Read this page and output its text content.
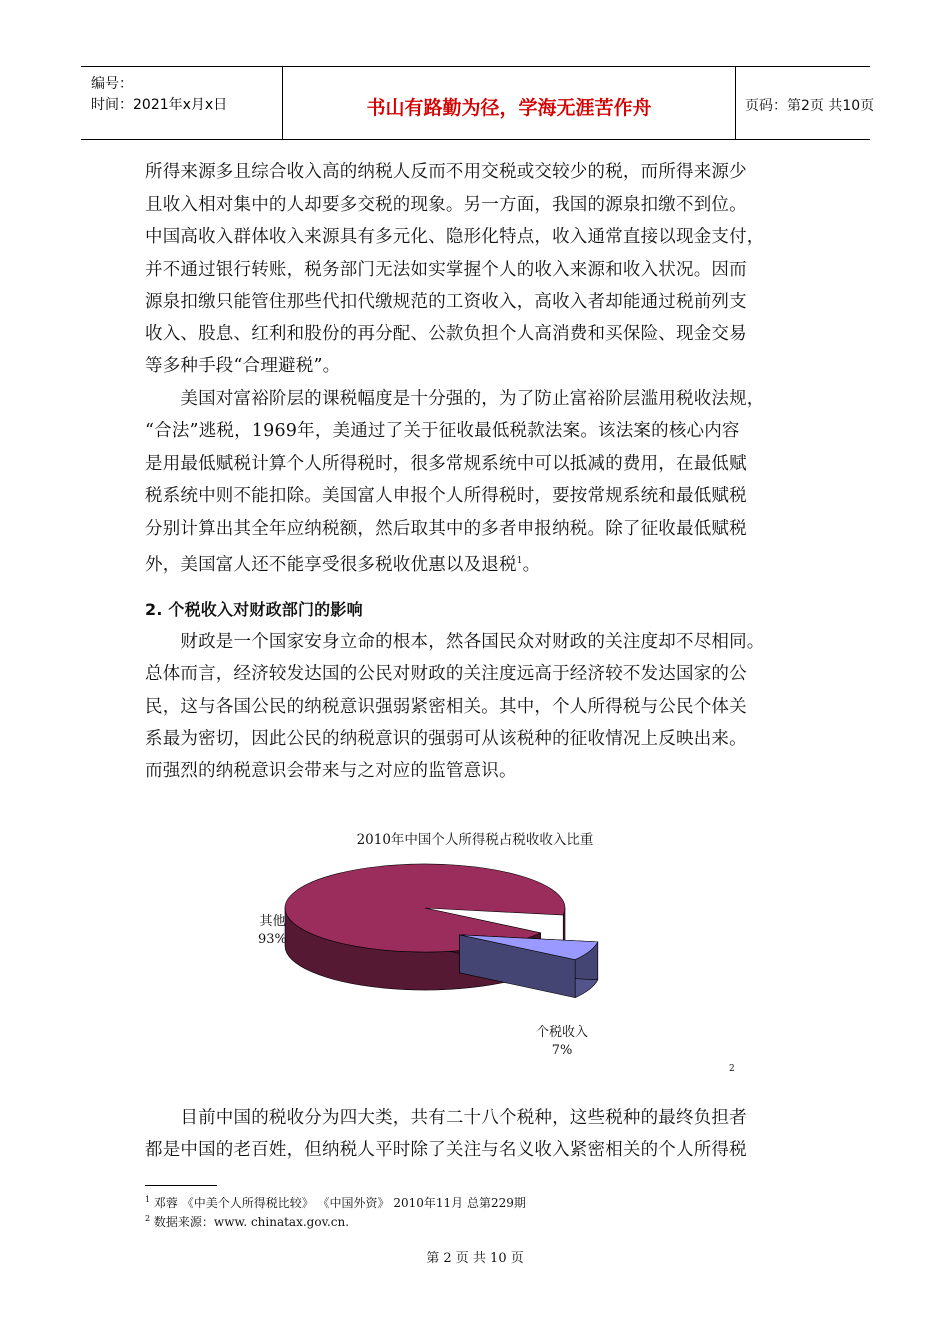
编号：
时间：2021年x月x日	书山有路勤为径，学海无涯苦作舟	页码：第2页 共10页
所得来源多且综合收入高的纳税人反而不用交税或交较少的税，而所得来源少
且收入相对集中的人却要多交税的现象。另一方面，我国的源泉扣缴不到位。
中国高收入群体收入来源具有多元化、隐形化特点，收入通常直接以现金支付，
并不通过银行转账，税务部门无法如实掌握个人的收入来源和收入状况。因而
源泉扣缴只能管住那些代扣代缴规范的工资收入，高收入者却能通过税前列支
收入、股息、红利和股份的再分配、公款负担个人高消费和买保险、现金交易
等多种手段“合理避税”。
　　美国对富裕阶层的课税幅度是十分强的，为了防止富裕阶层滥用税收法规，
“合法”逃税，1969年，美通过了关于征收最低税款法案。该法案的核心内容
是用最低赋税计算个人所得税时，很多常规系统中可以抵减的费用，在最低赋
税系统中则不能扣除。美国富人申报个人所得税时，要按常规系统和最低赋税
分别计算出其全年应纳税额，然后取其中的多者申报纳税。除了征收最低赋税
外，美国富人还不能享受很多税收优惠以及退税$^1$。
2. 个税收入对财政部门的影响
　　财政是一个国家安身立命的根本，然各国民众对财政的关注度却不尽相同。
总体而言，经济较发达国的公民对财政的关注度远高于经济较不发达国家的公
民，这与各国公民的纳税意识强弱紧密相关。其中，个人所得税与公民个体关
系最为密切，因此公民的纳税意识的强弱可从该税种的征收情况上反映出来。
而强烈的纳税意识会带来与之对应的监管意识。
2010年中国个人所得税占税收收入比重
其他
93%
个税收入
7%
2
　　目前中国的税收分为四大类，共有二十八个税种，这些税种的最终负担者
都是中国的老百姓，但纳税人平时除了关注与名义收入紧密相关的个人所得税
$^1$ 邓蓉 《中美个人所得税比较》 《中国外资》 2010年11月 总第229期
$^2$ 数据来源：www. chinatax.gov.cn.
第 2 页 共 10 页
